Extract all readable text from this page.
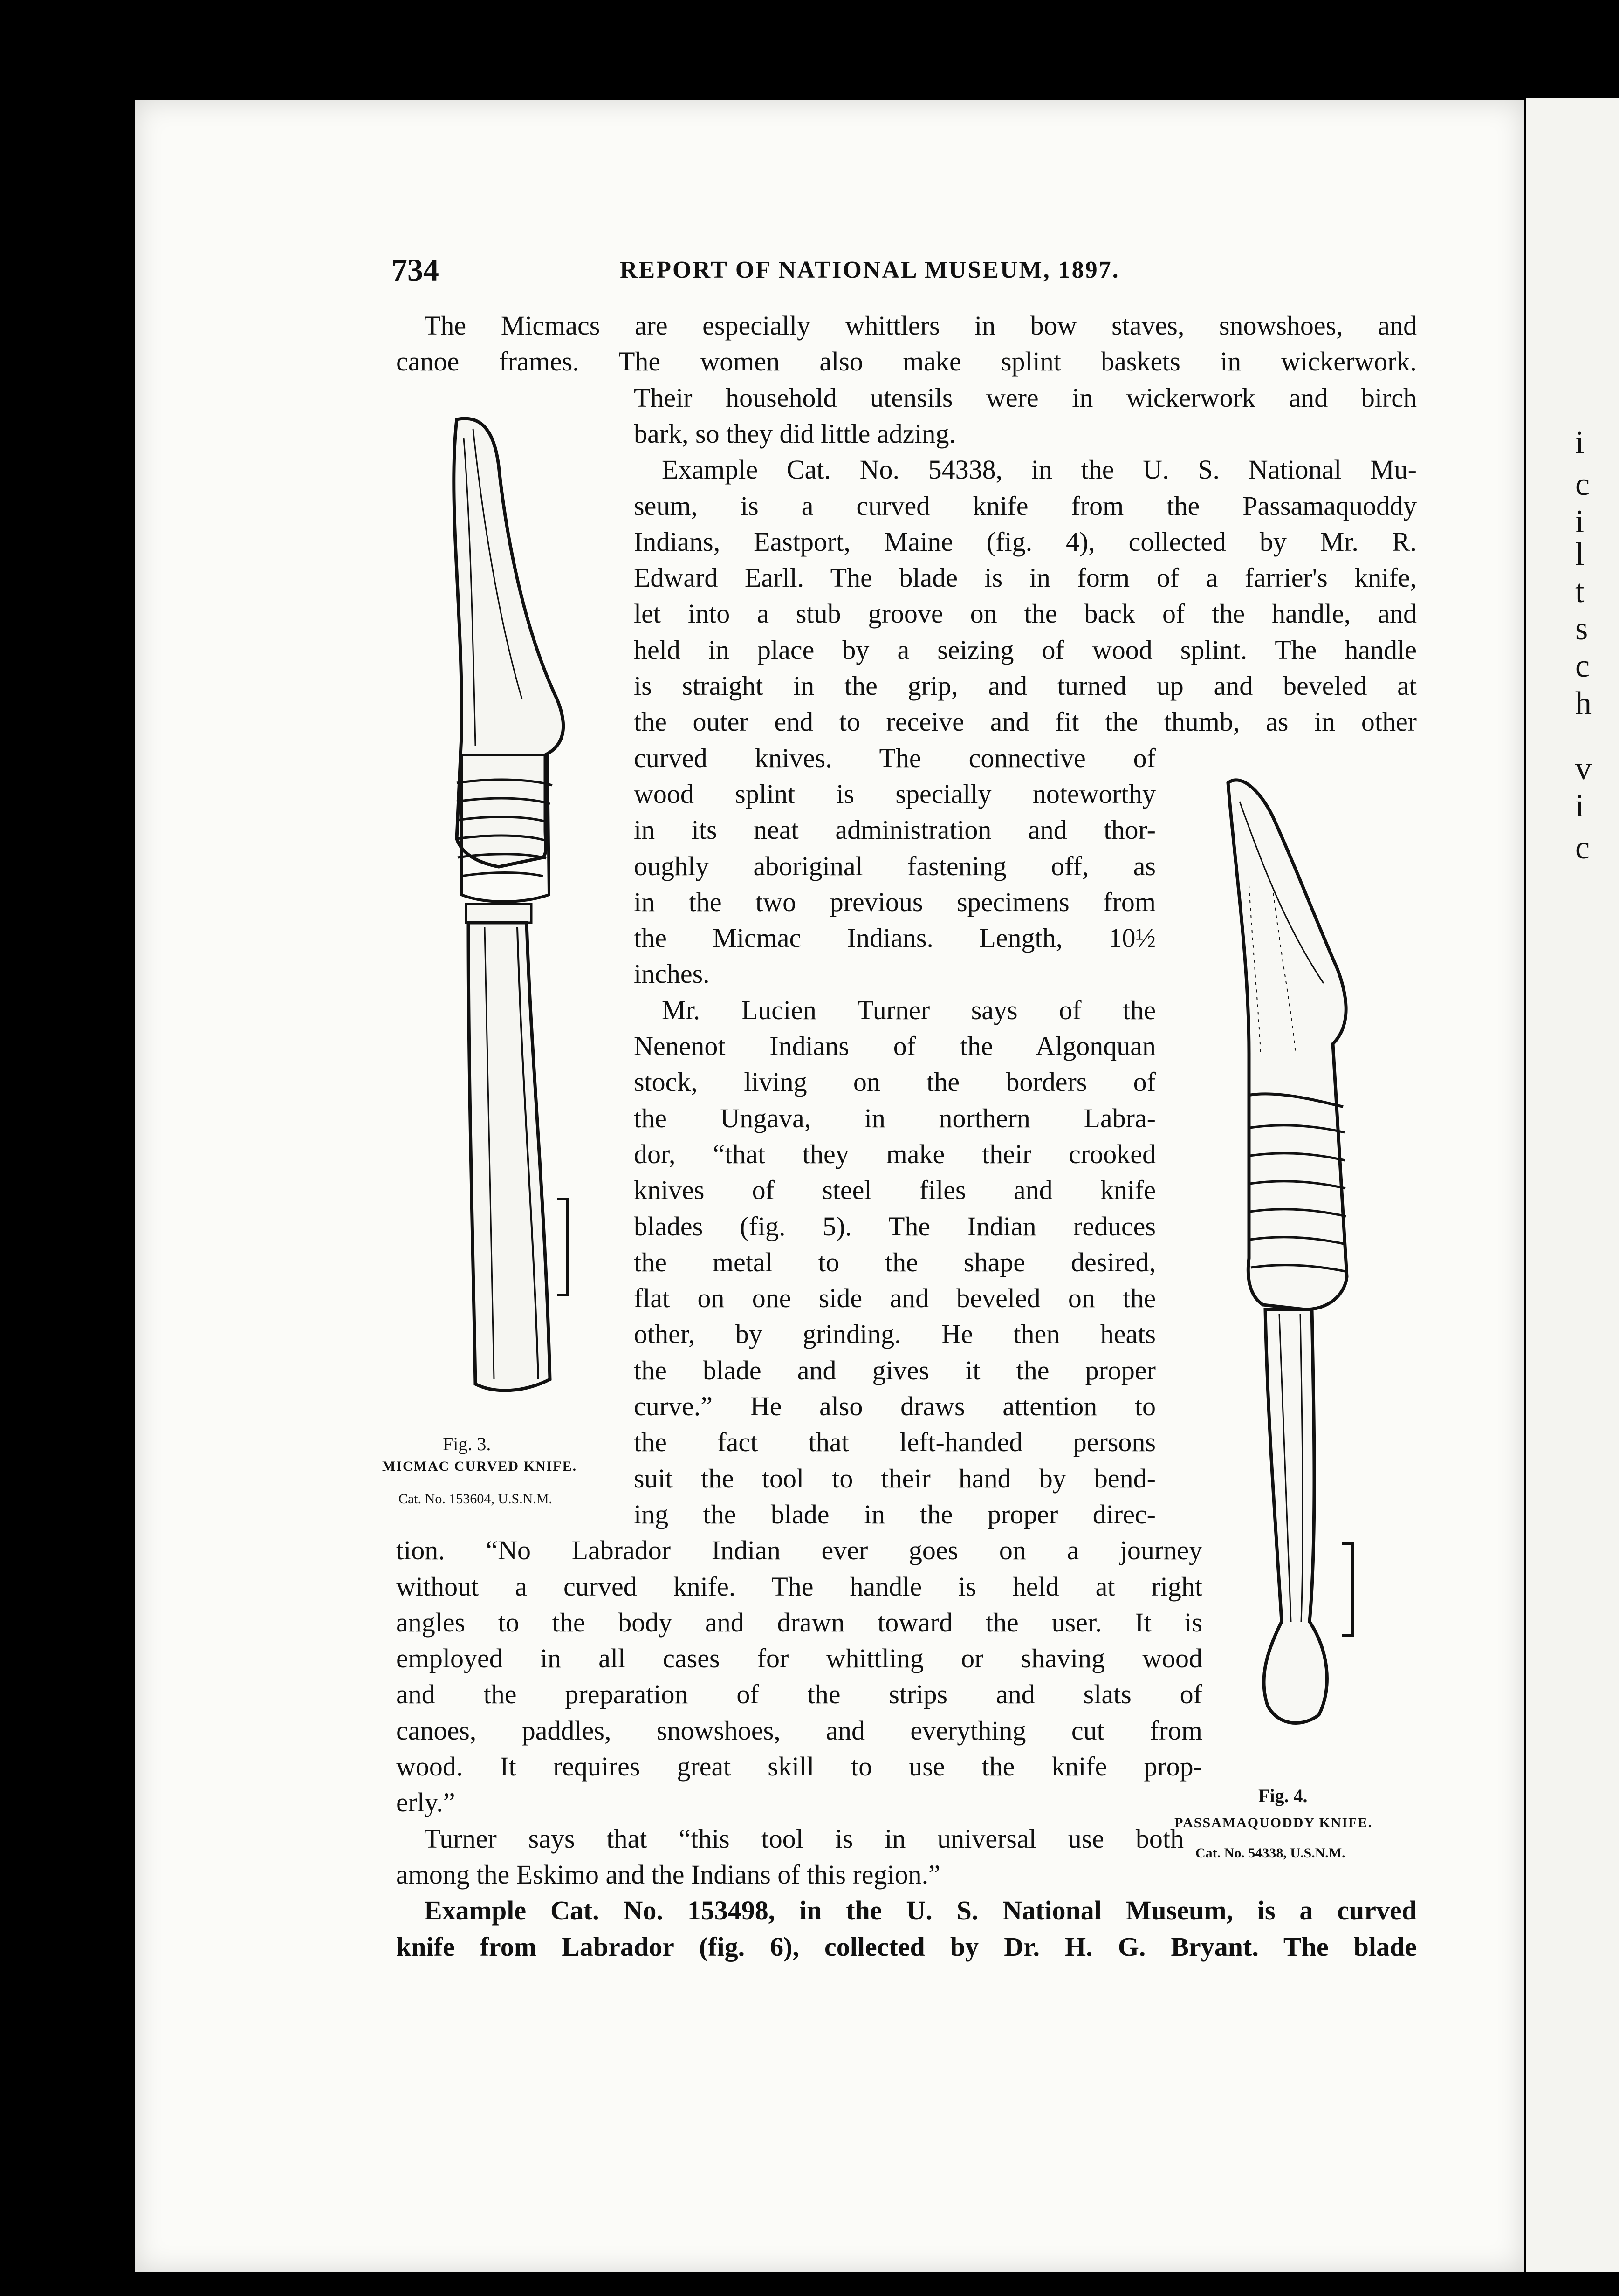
i
c
i
l
t
s
c
h
v
i
c
734	REPORT OF NATIONAL MUSEUM, 1897.
The Micmacs are especially whittlers in bow staves, snowshoes, and
canoe frames. The women also make splint baskets in wickerwork.
Their household utensils were in wickerwork and birch
bark, so they did little adzing.
Example Cat. No. 54338, in the U. S. National Mu-
seum, is a curved knife from the Passamaquoddy
Indians, Eastport, Maine (fig. 4), collected by Mr. R.
Edward Earll. The blade is in form of a farrier's knife,
let into a stub groove on the back of the handle, and
held in place by a seizing of wood splint. The handle
is straight in the grip, and turned up and beveled at
the outer end to receive and fit the thumb, as in other
curved knives. The connective of
wood splint is specially noteworthy
in its neat administration and thor-
oughly aboriginal fastening off, as
in the two previous specimens from
the Micmac Indians. Length, 10½
inches.
Mr. Lucien Turner says of the
Nenenot Indians of the Algonquan
stock, living on the borders of
the Ungava, in northern Labra-
dor, “that they make their crooked
knives of steel files and knife
blades (fig. 5). The Indian reduces
the metal to the shape desired,
flat on one side and beveled on the
other, by grinding. He then heats
the blade and gives it the proper
curve.” He also draws attention to
the fact that left-handed persons
suit the tool to their hand by bend-
ing the blade in the proper direc-
tion. “No Labrador Indian ever goes on a journey
without a curved knife. The handle is held at right
angles to the body and drawn toward the user. It is
employed in all cases for whittling or shaving wood
and the preparation of the strips and slats of
canoes, paddles, snowshoes, and everything cut from
wood. It requires great skill to use the knife prop-
erly.”
Turner says that “this tool is in universal use both
among the Eskimo and the Indians of this region.”
Example Cat. No. 153498, in the U. S. National Museum, is a curved
knife from Labrador (fig. 6), collected by Dr. H. G. Bryant. The blade
Fig. 3.
MICMAC CURVED KNIFE.
Cat. No. 153604, U.S.N.M.
Fig. 4.
PASSAMAQUODDY KNIFE.
Cat. No. 54338, U.S.N.M.
